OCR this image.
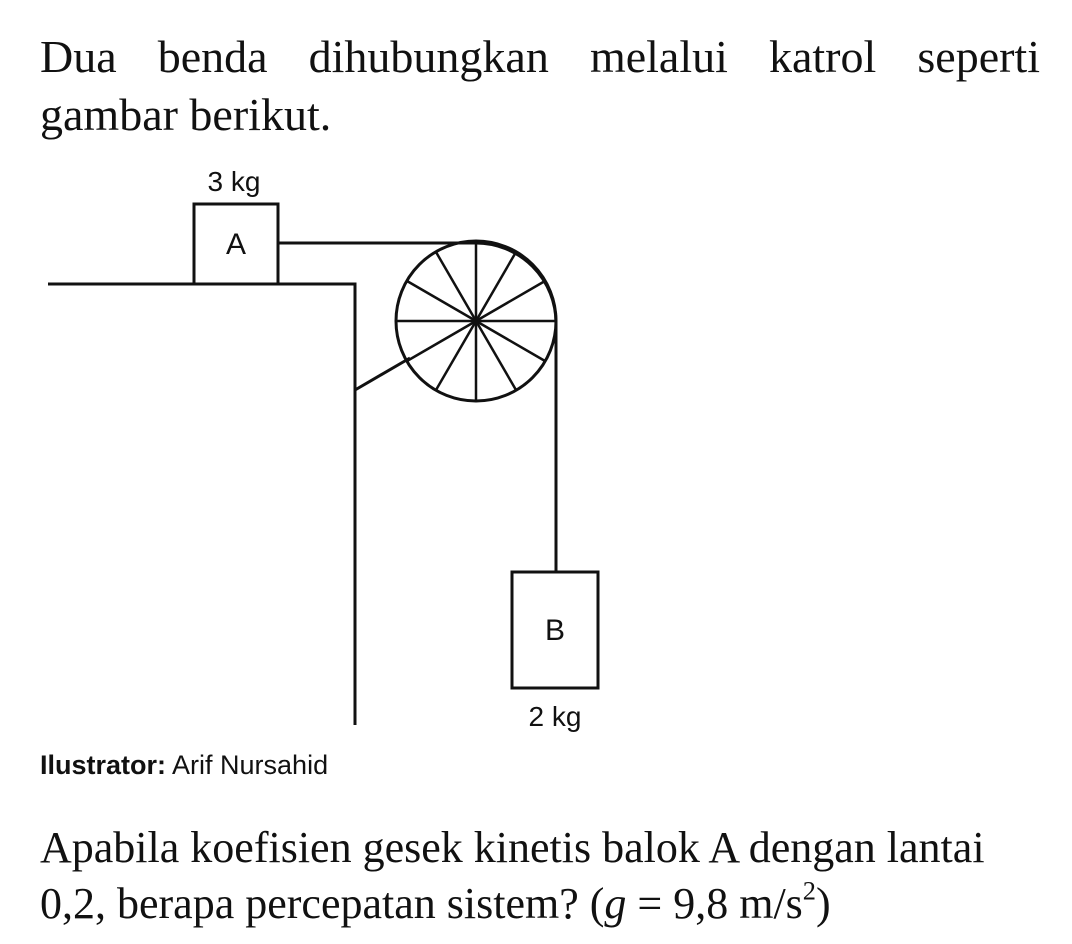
Dua benda dihubungkan melalui katrol seperti gambar berikut.

3 kg
A
B
2 kg

Ilustrator: Arif Nursahid

Apabila koefisien gesek kinetis balok A dengan lantai 0,2, berapa percepatan sistem? (g = 9,8 $m/s^2$)
